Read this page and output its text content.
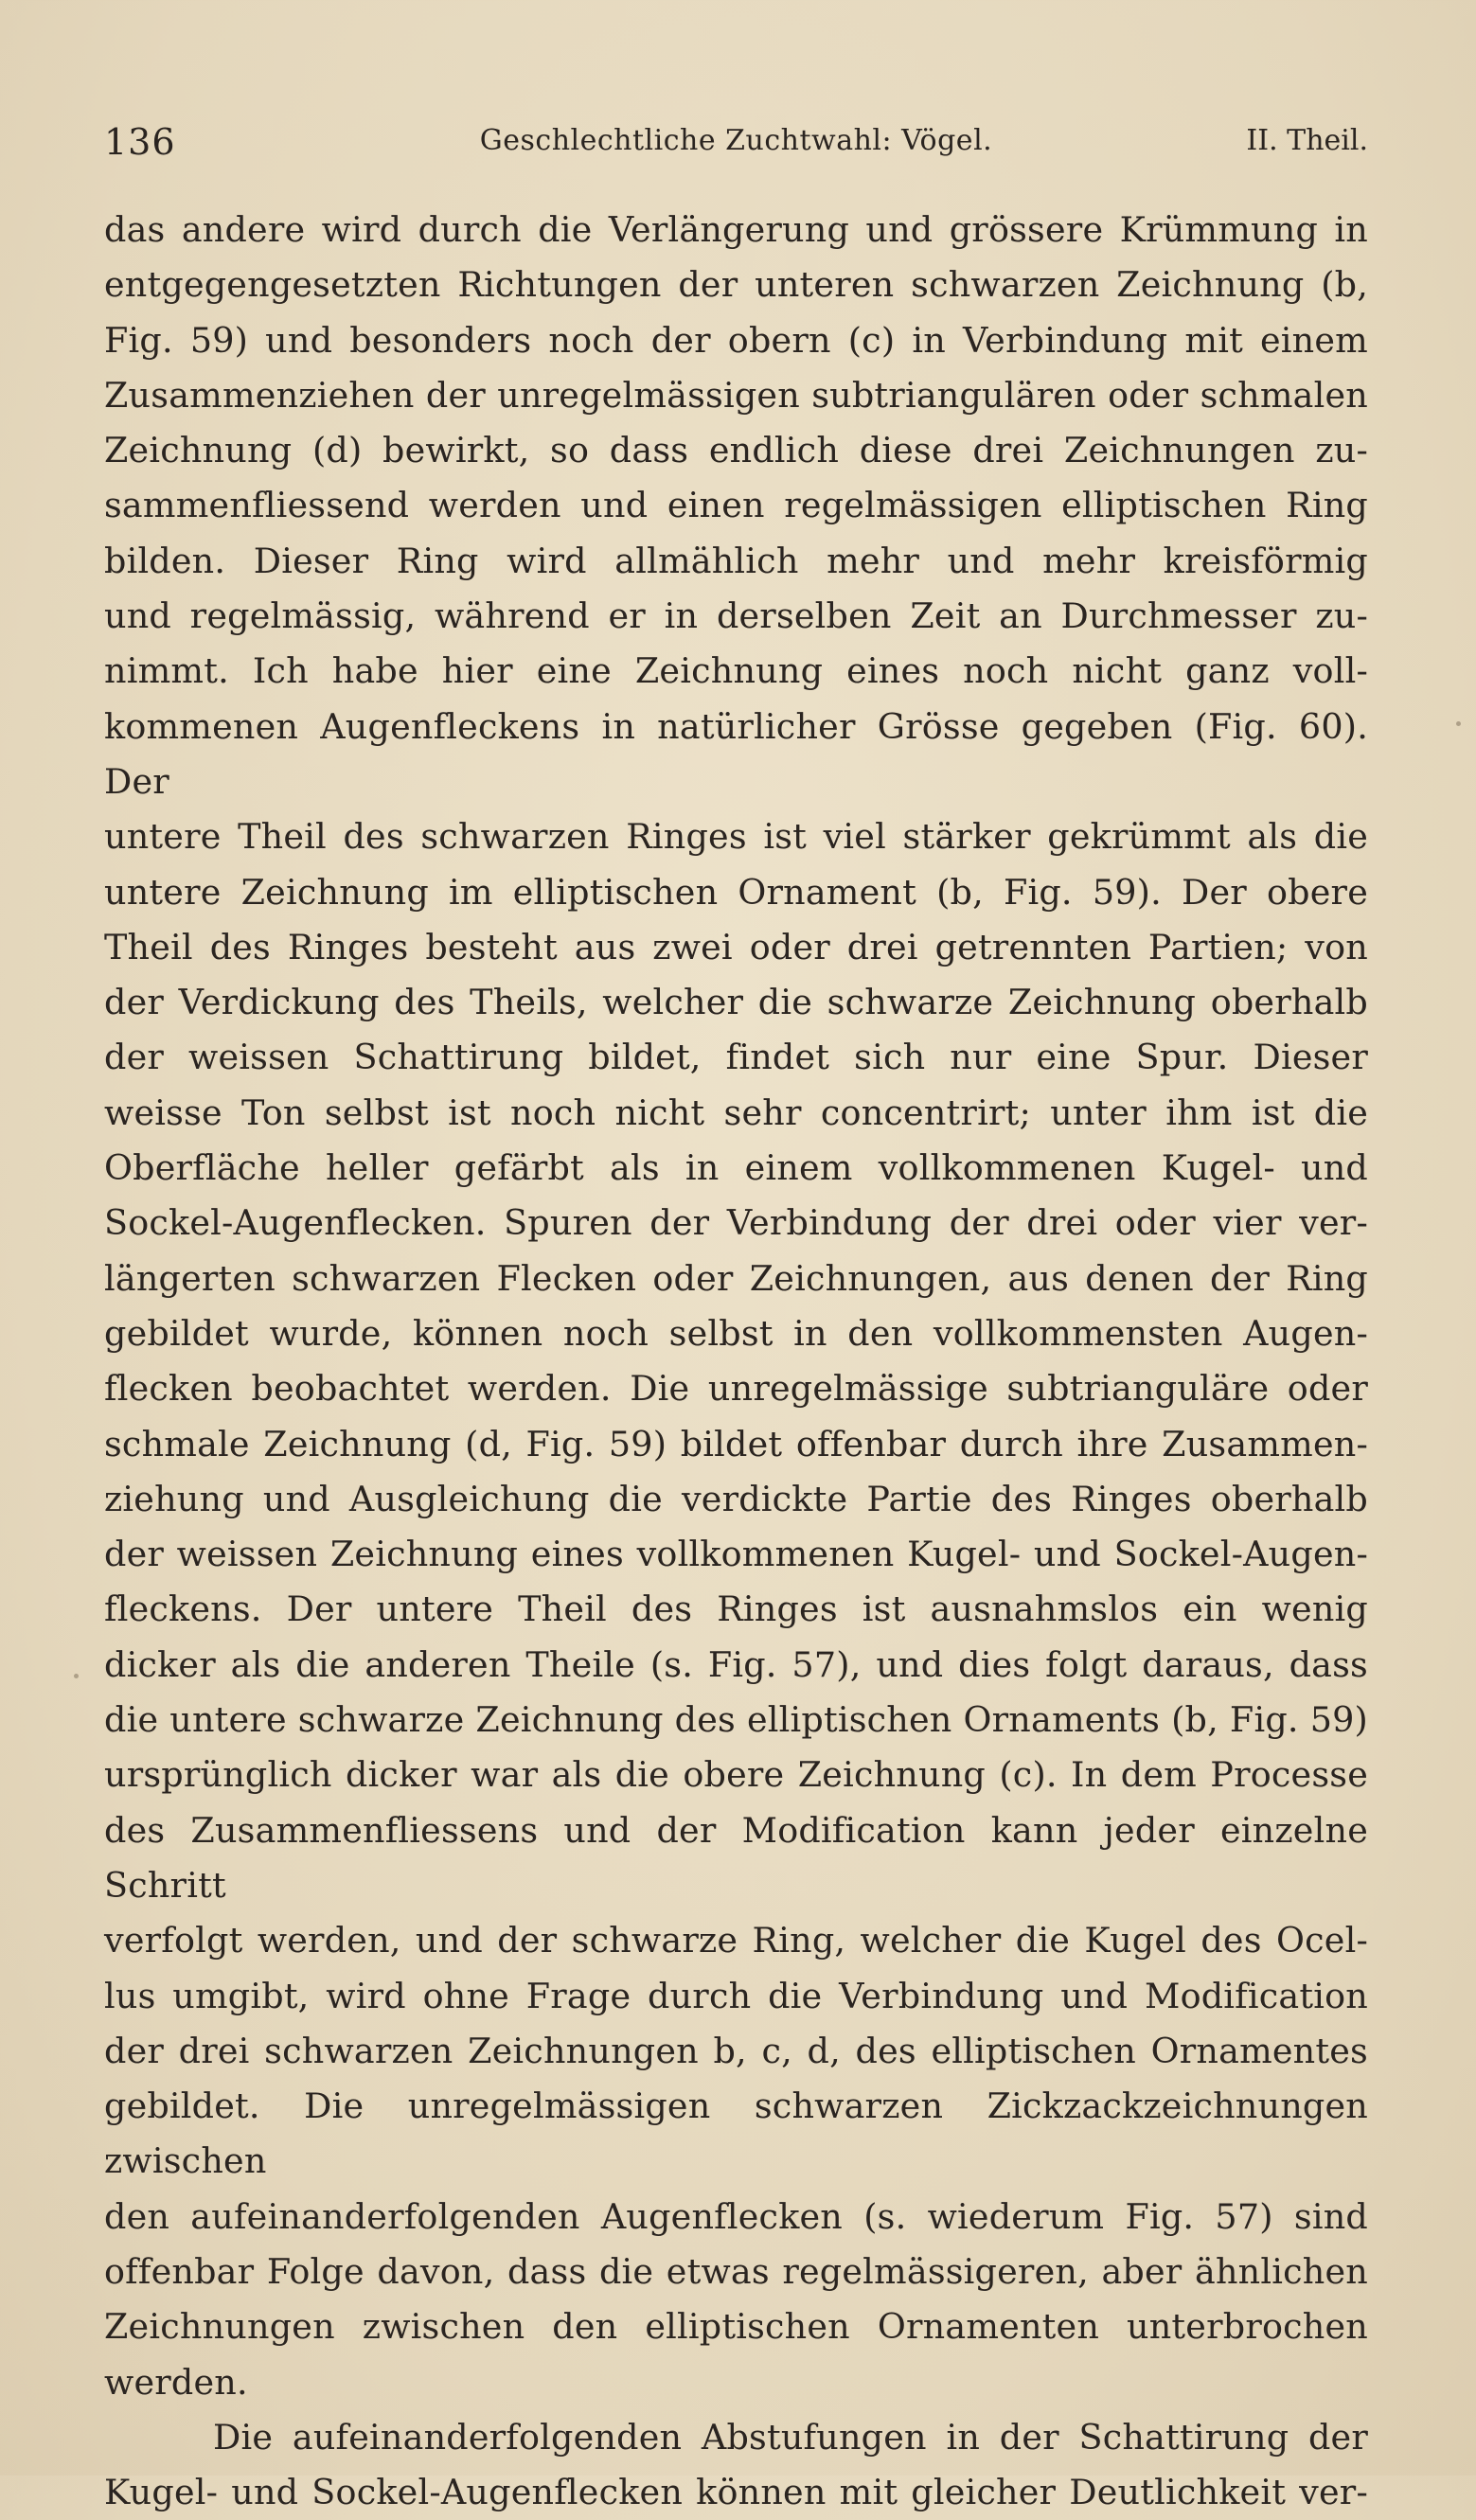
136	Geschlechtliche Zuchtwahl: Vögel.	II. Theil.

das andere wird durch die Verlängerung und grössere Krümmung in

entgegengesetzten Richtungen der unteren schwarzen Zeichnung (b,

Fig. 59) und besonders noch der obern (c) in Verbindung mit einem

Zusammenziehen der unregelmässigen subtriangulären oder schmalen

Zeichnung (d) bewirkt, so dass endlich diese drei Zeichnungen zu-

sammenfliessend werden und einen regelmässigen elliptischen Ring

bilden. Dieser Ring wird allmählich mehr und mehr kreisförmig

und regelmässig, während er in derselben Zeit an Durchmesser zu-

nimmt. Ich habe hier eine Zeichnung eines noch nicht ganz voll-

kommenen Augenfleckens in natürlicher Grösse gegeben (Fig. 60). Der

untere Theil des schwarzen Ringes ist viel stärker gekrümmt als die

untere Zeichnung im elliptischen Ornament (b, Fig. 59). Der obere

Theil des Ringes besteht aus zwei oder drei getrennten Partien; von

der Verdickung des Theils, welcher die schwarze Zeichnung oberhalb

der weissen Schattirung bildet, findet sich nur eine Spur. Dieser

weisse Ton selbst ist noch nicht sehr concentrirt; unter ihm ist die

Oberfläche heller gefärbt als in einem vollkommenen Kugel- und

Sockel-Augenflecken. Spuren der Verbindung der drei oder vier ver-

längerten schwarzen Flecken oder Zeichnungen, aus denen der Ring

gebildet wurde, können noch selbst in den vollkommensten Augen-

flecken beobachtet werden. Die unregelmässige subtrianguläre oder

schmale Zeichnung (d, Fig. 59) bildet offenbar durch ihre Zusammen-

ziehung und Ausgleichung die verdickte Partie des Ringes oberhalb

der weissen Zeichnung eines vollkommenen Kugel- und Sockel-Augen-

fleckens. Der untere Theil des Ringes ist ausnahmslos ein wenig

dicker als die anderen Theile (s. Fig. 57), und dies folgt daraus, dass

die untere schwarze Zeichnung des elliptischen Ornaments (b, Fig. 59)

ursprünglich dicker war als die obere Zeichnung (c). In dem Processe

des Zusammenfliessens und der Modification kann jeder einzelne Schritt

verfolgt werden, und der schwarze Ring, welcher die Kugel des Ocel-

lus umgibt, wird ohne Frage durch die Verbindung und Modification

der drei schwarzen Zeichnungen b, c, d, des elliptischen Ornamentes

gebildet. Die unregelmässigen schwarzen Zickzackzeichnungen zwischen

den aufeinanderfolgenden Augenflecken (s. wiederum Fig. 57) sind

offenbar Folge davon, dass die etwas regelmässigeren, aber ähnlichen

Zeichnungen zwischen den elliptischen Ornamenten unterbrochen werden.

Die aufeinanderfolgenden Abstufungen in der Schattirung der

Kugel- und Sockel-Augenflecken können mit gleicher Deutlichkeit ver-
